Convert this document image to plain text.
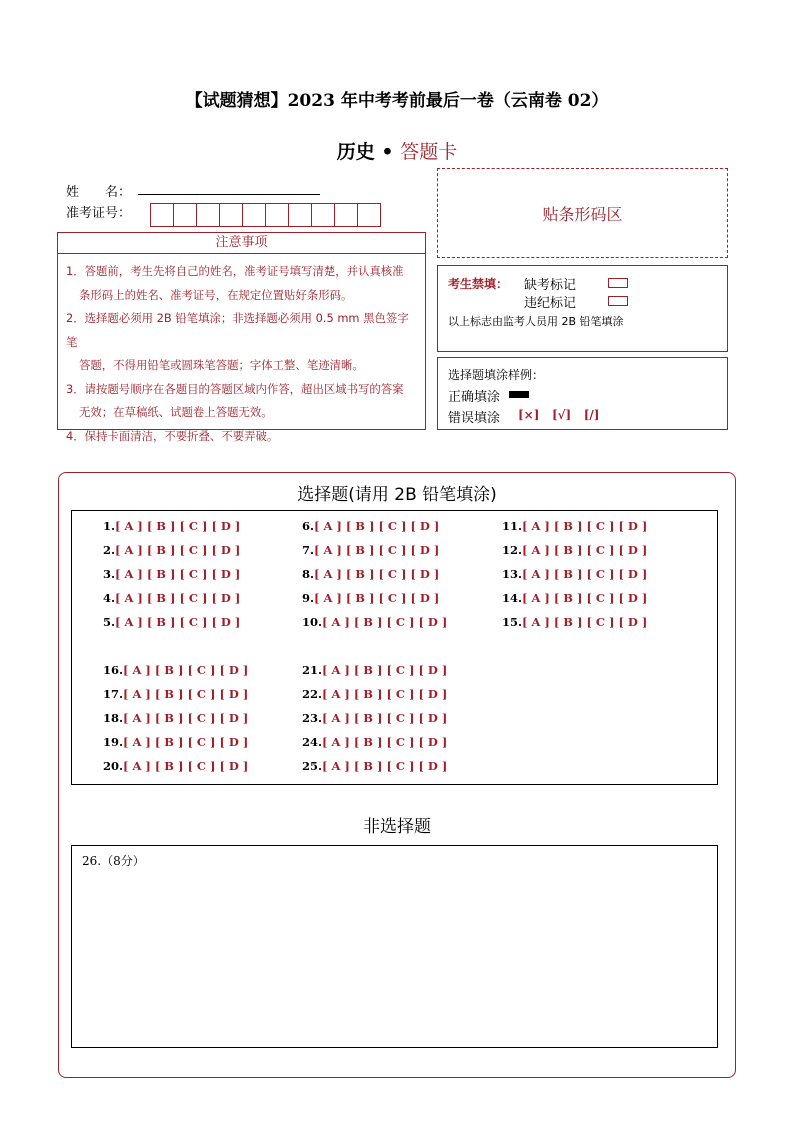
【试题猜想】2023 年中考考前最后一卷（云南卷 02）
历史 • 答题卡
姓　　名：
准考证号：	贴条形码区
注意事项

1．答题前，考生先将自己的姓名，准考证号填写清楚，并认真核准

条形码上的姓名、准考证号，在规定位置贴好条形码。

2．选择题必须用 2B 铅笔填涂；非选择题必须用 0.5 mm 黑色签字笔

答题，不得用铅笔或圆珠笔答题；字体工整、笔迹清晰。

3．请按题号顺序在各题目的答题区域内作答，超出区域书写的答案

无效；在草稿纸、试题卷上答题无效。

4．保持卡面清洁，不要折叠、不要弄破。

考生禁填： 缺考标记
违纪标记
以上标志由监考人员用 2B 铅笔填涂
选择题填涂样例：
正确填涂
错误填涂 [×]   [√]   [/]
选择题(请用 2B 铅笔填涂)
1.[ A ] [ B ] [ C ] [ D ]
2.[ A ] [ B ] [ C ] [ D ]
3.[ A ] [ B ] [ C ] [ D ]
4.[ A ] [ B ] [ C ] [ D ]
5.[ A ] [ B ] [ C ] [ D ]
6.[ A ] [ B ] [ C ] [ D ]
7.[ A ] [ B ] [ C ] [ D ]
8.[ A ] [ B ] [ C ] [ D ]
9.[ A ] [ B ] [ C ] [ D ]
10.[ A ] [ B ] [ C ] [ D ]
11.[ A ] [ B ] [ C ] [ D ]
12.[ A ] [ B ] [ C ] [ D ]
13.[ A ] [ B ] [ C ] [ D ]
14.[ A ] [ B ] [ C ] [ D ]
15.[ A ] [ B ] [ C ] [ D ]
16.[ A ] [ B ] [ C ] [ D ]
17.[ A ] [ B ] [ C ] [ D ]
18.[ A ] [ B ] [ C ] [ D ]
19.[ A ] [ B ] [ C ] [ D ]
20.[ A ] [ B ] [ C ] [ D ]
21.[ A ] [ B ] [ C ] [ D ]
22.[ A ] [ B ] [ C ] [ D ]
23.[ A ] [ B ] [ C ] [ D ]
24.[ A ] [ B ] [ C ] [ D ]
25.[ A ] [ B ] [ C ] [ D ]
非选择题
26.（8分）
